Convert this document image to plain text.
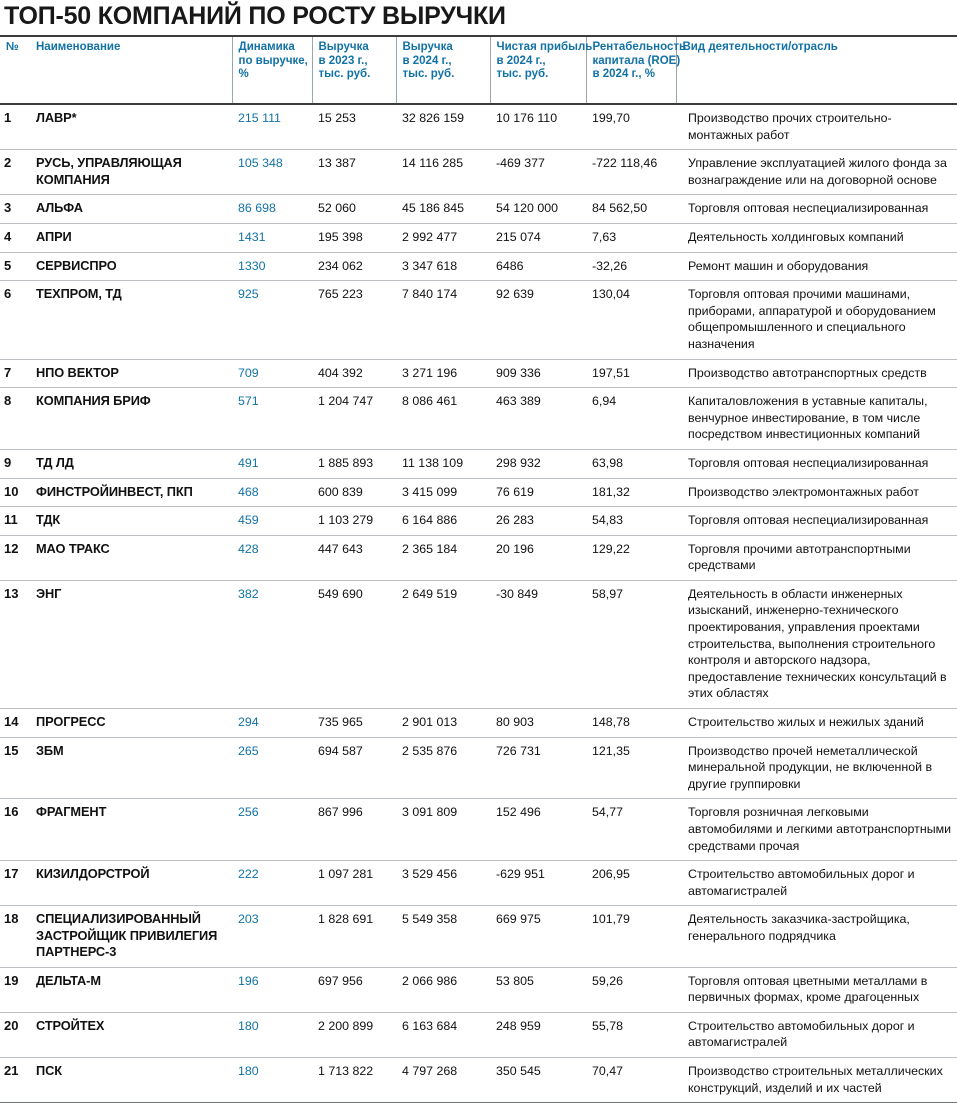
ТОП-50 КОМПАНИЙ ПО РОСТУ ВЫРУЧКИ
№	Наименование	Динамика
по выручке,
%	Выручка
в 2023 г.,
тыс. руб.	Выручка
в 2024 г.,
тыс. руб.	Чистая прибыль
в 2024 г.,
тыс. руб.	Рентабельность
капитала (ROE)
в 2024 г., %	Вид деятельности/отрасль

1	ЛАВР*	215 111	15 253	32 826 159	10 176 110	199,70	Производство прочих строительно-монтажных работ
2	РУСЬ, УПРАВЛЯЮЩАЯ КОМПАНИЯ	105 348	13 387	14 116 285	-469 377	-722 118,46	Управление эксплуатацией жилого фонда за вознаграждение или на договорной основе
3	АЛЬФА	86 698	52 060	45 186 845	54 120 000	84 562,50	Торговля оптовая неспециализированная
4	АПРИ	1431	195 398	2 992 477	215 074	7,63	Деятельность холдинговых компаний
5	СЕРВИСПРО	1330	234 062	3 347 618	6486	-32,26	Ремонт машин и оборудования
6	ТЕХПРОМ, ТД	925	765 223	7 840 174	92 639	130,04	Торговля оптовая прочими машинами, приборами, аппаратурой и оборудованием общепромышленного и специального назначения
7	НПО ВЕКТОР	709	404 392	3 271 196	909 336	197,51	Производство автотранспортных средств
8	КОМПАНИЯ БРИФ	571	1 204 747	8 086 461	463 389	6,94	Капиталовложения в уставные капиталы, венчурное инвестирование, в том числе посредством инвестиционных компаний
9	ТД ЛД	491	1 885 893	11 138 109	298 932	63,98	Торговля оптовая неспециализированная
10	ФИНСТРОЙИНВЕСТ, ПКП	468	600 839	3 415 099	76 619	181,32	Производство электромонтажных работ
11	ТДК	459	1 103 279	6 164 886	26 283	54,83	Торговля оптовая неспециализированная
12	МАО ТРАКС	428	447 643	2 365 184	20 196	129,22	Торговля прочими автотранспортными средствами
13	ЭНГ	382	549 690	2 649 519	-30 849	58,97	Деятельность в области инженерных изысканий, инженерно-технического проектирования, управления проектами строительства, выполнения строительного контроля и авторского надзора, предоставление технических консультаций в этих областях
14	ПРОГРЕСС	294	735 965	2 901 013	80 903	148,78	Строительство жилых и нежилых зданий
15	ЗБМ	265	694 587	2 535 876	726 731	121,35	Производство прочей неметаллической минеральной продукции, не включенной в другие группировки
16	ФРАГМЕНТ	256	867 996	3 091 809	152 496	54,77	Торговля розничная легковыми автомобилями и легкими автотранспортными средствами прочая
17	КИЗИЛДОРСТРОЙ	222	1 097 281	3 529 456	-629 951	206,95	Строительство автомобильных дорог и автомагистралей
18	СПЕЦИАЛИЗИРОВАННЫЙ ЗАСТРОЙЩИК ПРИВИЛЕГИЯ ПАРТНЕРС-3	203	1 828 691	5 549 358	669 975	101,79	Деятельность заказчика-застройщика, генерального подрядчика
19	ДЕЛЬТА-М	196	697 956	2 066 986	53 805	59,26	Торговля оптовая цветными металлами в первичных формах, кроме драгоценных
20	СТРОЙТЕХ	180	2 200 899	6 163 684	248 959	55,78	Строительство автомобильных дорог и автомагистралей
21	ПСК	180	1 713 822	4 797 268	350 545	70,47	Производство строительных металлических конструкций, изделий и их частей
